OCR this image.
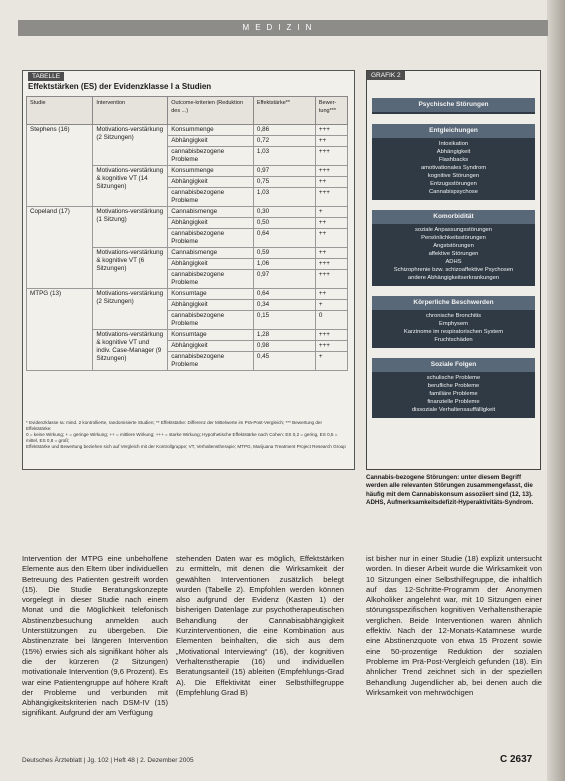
MEDIZIN
TABELLE
Effektstärken (ES) der Evidenzklasse I a Studien
Studie	Intervention	Outcome-kriterien (Reduktion des ...)	Effektstärke**	Bewer-tung***
Stephens (16)	Motivations-verstärkung (2 Sitzungen)	Konsummenge	0,86	+++
		Abhängigkeit	0,72	++
		cannabisbezogene Probleme	1,03	+++
	Motivations-verstärkung & kognitive VT (14 Sitzungen)	Konsummenge	0,97	+++
		Abhängigkeit	0,75	++
		cannabisbezogene Probleme	1,03	+++
Copeland (17)	Motivations-verstärkung (1 Sitzung)	Cannabismenge	0,30	+
		Abhängigkeit	0,50	++
		cannabisbezogene Probleme	0,64	++
	Motivations-verstärkung & kognitive VT (6 Sitzungen)	Cannabismenge	0,59	++
		Abhängigkeit	1,06	+++
		cannabisbezogene Probleme	0,97	+++
MTPG (13)	Motivations-verstärkung (2 Sitzungen)	Konsumtage	0,64	++
		Abhängigkeit	0,34	+
		cannabisbezogene Probleme	0,15	0
	Motivations-verstärkung & kognitive VT und indiv. Case-Manager (9 Sitzungen)	Konsumtage	1,28	+++
		Abhängigkeit	0,98	+++
		cannabisbezogene Probleme	0,45	+
* Evidenzklasse Ia: mind. 2 kontrollierte, randomisierte Studien; ** Effektstärke: Differenz der Mittelwerte im Prä-Post-Vergleich; *** Bewertung der Effektstärke:
0 = keine Wirkung; + = geringe Wirkung; ++ = mittlere Wirkung; +++ = starke Wirkung; Hypothetische Effektstärke nach Cohen: ES 0,2 = gering, ES 0,5 = mittel, ES 0,8 = groß;
Effektstärke und Bewertung beziehen sich auf Vergleich mit der Kontrollgruppe; VT, Verhaltenstherapie; MTPG, Marijuana Treatment Project Research Group
GRAFIK 2
Psychische Störungen
Entgleichungen
Intoxikation
Abhängigkeit
Flashbacks
amotivationales Syndrom
kognitive Störungen
Entzugsstörungen
Cannabispsychose
Komorbidität
soziale Anpassungsstörungen
Persönlichkeitsstörungen
Angststörungen
affektive Störungen
ADHS
Schizophrenie bzw. schizoaffektive Psychosen
andere Abhängigkeitserkrankungen
Körperliche Beschwerden
chronische Bronchitis
Emphysem
Karzinome im respiratorischen System
Fruchtschäden
Soziale Folgen
schulische Probleme
berufliche Probleme
familiäre Probleme
finanzielle Probleme
dissoziale Verhaltensauffälligkeit
Cannabis-bezogene Störungen: unter diesem Begriff werden alle relevanten Störungen zusammengefasst, die häufig mit dem Cannabiskonsum assoziiert sind (12, 13). ADHS, Aufmerksamkeitsdefizit-Hyperaktivitäts-Syndrom.
Intervention der MTPG eine unbeholfene Elemente aus den Eltern über individuellen Betreuung des Patienten gestreift worden (15). Die Studie Beratungskonzepte vorgelegt in dieser Studie nach einem Monat und die Möglichkeit telefonisch Abstinenzbesuchung anmelden auch Unterstützungen zu übergeben. Die Abstinenzrate bei längeren Intervention (15%) erwies sich als signifikant höher als die der kürzeren (2 Sitzungen) motivationale Intervention (9,6 Prozent). Es war eine Patientengruppe auf höhere Kraft der Probleme und verbunden mit Abhängigkeitskriterien nach DSM-IV (15) signifikant. Aufgrund der am Verfügung
stehenden Daten war es möglich, Effektstärken zu ermitteln, mit denen die Wirksamkeit der gewählten Interventionen zusätzlich belegt wurden (Tabelle 2). Empfohlen werden können also aufgrund der Evidenz (Kasten 1) der bisherigen Datenlage zur psychotherapeutischen Behandlung der Cannabisabhängigkeit Kurzinterventionen, die eine Kombination aus Elementen beinhalten, die sich aus dem „Motivational Interviewing“ (16), der kognitiven Verhaltenstherapie (16) und individuellen Beratungsanteil (15) ableiten (Empfehlungs-Grad A). Die Effektivität einer Selbsthilfegruppe (Empfehlung Grad B)
ist bisher nur in einer Studie (18) explizit untersucht worden. In dieser Arbeit wurde die Wirksamkeit von 10 Sitzungen einer Selbsthilfegruppe, die inhaltlich auf das 12-Schritte-Programm der Anonymen Alkoholiker angelehnt war, mit 10 Sitzungen einer störungsspezifischen kognitiven Verhaltenstherapie verglichen. Beide Interventionen waren ähnlich effektiv. Nach der 12-Monats-Katamnese wurde eine Abstinenzquote von etwa 15 Prozent sowie eine 50-prozentige Reduktion der sozialen Probleme im Prä-Post-Vergleich gefunden (18). Ein ähnlicher Trend zeichnet sich in der speziellen Behandlung Jugendlicher ab, bei denen auch die Wirksamkeit von mehrwöchigen
Deutsches Ärzteblatt | Jg. 102 | Heft 48 | 2. Dezember 2005	C 2637
